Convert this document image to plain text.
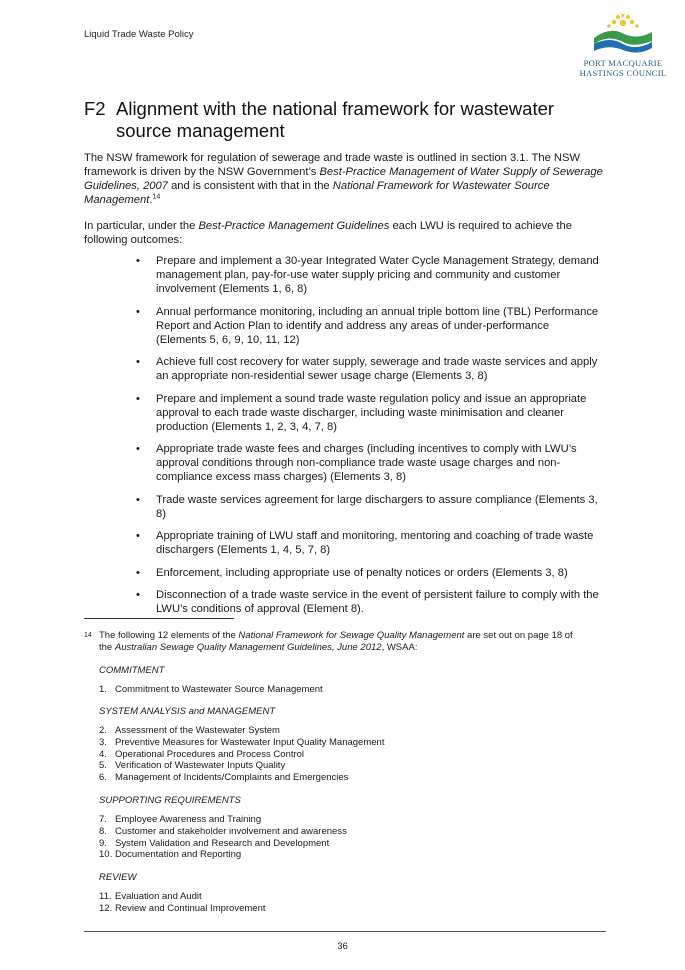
Liquid Trade Waste Policy
PORT MACQUARIE
HASTINGS COUNCIL
F2 Alignment with the national framework for wastewater source management
The NSW framework for regulation of sewerage and trade waste is outlined in section 3.1. The NSW framework is driven by the NSW Government’s Best-Practice Management of Water Supply of Sewerage Guidelines, 2007 and is consistent with that in the National Framework for Wastewater Source Management.$^{14}$
In particular, under the Best-Practice Management Guidelines each LWU is required to achieve the following outcomes:
• Prepare and implement a 30-year Integrated Water Cycle Management Strategy, demand management plan, pay-for-use water supply pricing and community and customer involvement (Elements 1, 6, 8)
• Annual performance monitoring, including an annual triple bottom line (TBL) Performance Report and Action Plan to identify and address any areas of under-performance
(Elements 5, 6, 9, 10, 11, 12)
• Achieve full cost recovery for water supply, sewerage and trade waste services and apply an appropriate non-residential sewer usage charge (Elements 3, 8)
• Prepare and implement a sound trade waste regulation policy and issue an appropriate approval to each trade waste discharger, including waste minimisation and cleaner production (Elements 1, 2, 3, 4, 7, 8)
• Appropriate trade waste fees and charges (including incentives to comply with LWU’s approval conditions through non-compliance trade waste usage charges and non-compliance excess mass charges) (Elements 3, 8)
• Trade waste services agreement for large dischargers to assure compliance (Elements 3, 8)
• Appropriate training of LWU staff and monitoring, mentoring and coaching of trade waste dischargers (Elements 1, 4, 5, 7, 8)
• Enforcement, including appropriate use of penalty notices or orders (Elements 3, 8)
• Disconnection of a trade waste service in the event of persistent failure to comply with the LWU’s conditions of approval (Element 8).
14 The following 12 elements of the National Framework for Sewage Quality Management are set out on page 18 of the Australian Sewage Quality Management Guidelines, June 2012, WSAA:
COMMITMENT
1. Commitment to Wastewater Source Management
SYSTEM ANALYSIS and MANAGEMENT
2. Assessment of the Wastewater System
3. Preventive Measures for Wastewater Input Quality Management
4. Operational Procedures and Process Control
5. Verification of Wastewater Inputs Quality
6. Management of Incidents/Complaints and Emergencies
SUPPORTING REQUIREMENTS
7. Employee Awareness and Training
8. Customer and stakeholder involvement and awareness
9. System Validation and Research and Development
10. Documentation and Reporting
REVIEW
11. Evaluation and Audit
12. Review and Continual Improvement
36
